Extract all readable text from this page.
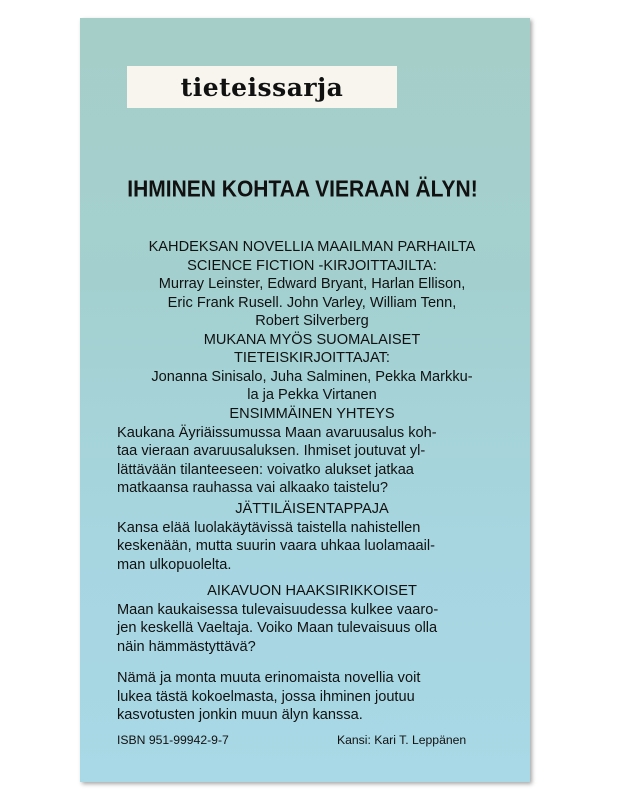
tieteissarja
IHMINEN KOHTAA VIERAAN ÄLYN!
KAHDEKSAN NOVELLIA MAAILMAN PARHAILTA
SCIENCE FICTION -KIRJOITTAJILTA:
Murray Leinster, Edward Bryant, Harlan Ellison,
Eric Frank Rusell. John Varley, William Tenn,
Robert Silverberg
MUKANA MYÖS SUOMALAISET
TIETEISKIRJOITTAJAT:
Jonanna Sinisalo, Juha Salminen, Pekka Markku-
la ja Pekka Virtanen
ENSIMMÄINEN YHTEYS
Kaukana Äyriäissumussa Maan avaruusalus koh-
taa vieraan avaruusaluksen. Ihmiset joutuvat yl-
lättävään tilanteeseen: voivatko alukset jatkaa
matkaansa rauhassa vai alkaako taistelu?
JÄTTILÄISENTAPPAJA
Kansa elää luolakäytävissä taistella nahistellen
keskenään, mutta suurin vaara uhkaa luolamaail-
man ulkopuolelta.
AIKAVUON HAAKSIRIKKOISET
Maan kaukaisessa tulevaisuudessa kulkee vaaro-
jen keskellä Vaeltaja. Voiko Maan tulevaisuus olla
näin hämmästyttävä?
Nämä ja monta muuta erinomaista novellia voit
lukea tästä kokoelmasta, jossa ihminen joutuu
kasvotusten jonkin muun älyn kanssa.
ISBN 951-99942-9-7	Kansi: Kari T. Leppänen
